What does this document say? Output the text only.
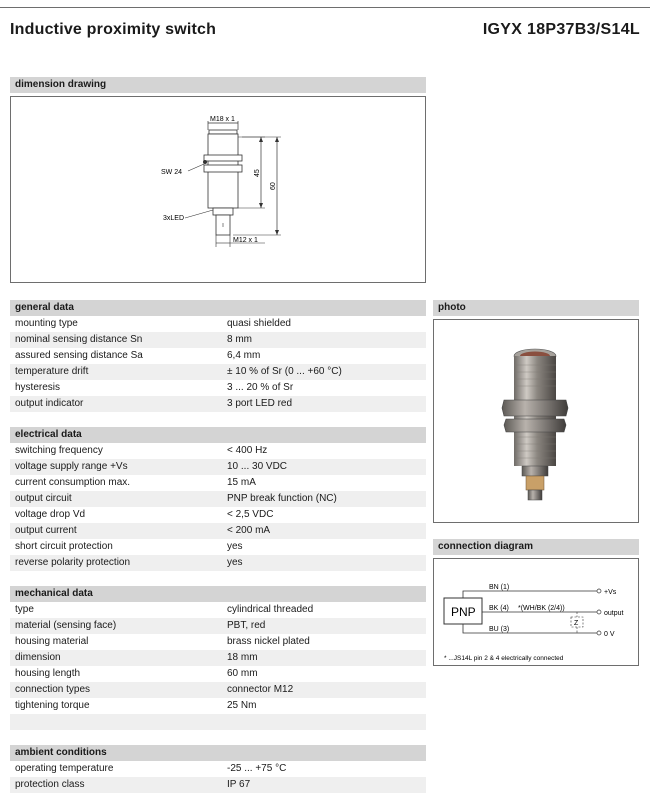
Inductive proximity switch	IGYX 18P37B3/S14L
dimension drawing
M18 x 1
SW 24
3xLED
45
60
M12 x 1
general data
mounting type	quasi shielded
nominal sensing distance Sn	8 mm
assured sensing distance Sa	6,4 mm
temperature drift	± 10 % of Sr (0 ... +60 °C)
hysteresis	3 ... 20 % of Sr
output indicator	3 port LED red
electrical data
switching frequency	< 400 Hz
voltage supply range +Vs	10 ... 30 VDC
current consumption max.	15 mA
output circuit	PNP break function (NC)
voltage drop Vd	< 2,5 VDC
output current	< 200 mA
short circuit protection	yes
reverse polarity protection	yes
mechanical data
type	cylindrical threaded
material (sensing face)	PBT, red
housing material	brass nickel plated
dimension	18 mm
housing length	60 mm
connection types	connector M12
tightening torque	25 Nm
ambient conditions
operating temperature	-25 ... +75 °C
protection class	IP 67
photo
connection diagram
PNP
BN (1)
+Vs
BK (4) *(WH/BK (2/4))
output
BU (3)
0 V
Z
* ...JS14L pin 2 & 4 electrically connected
